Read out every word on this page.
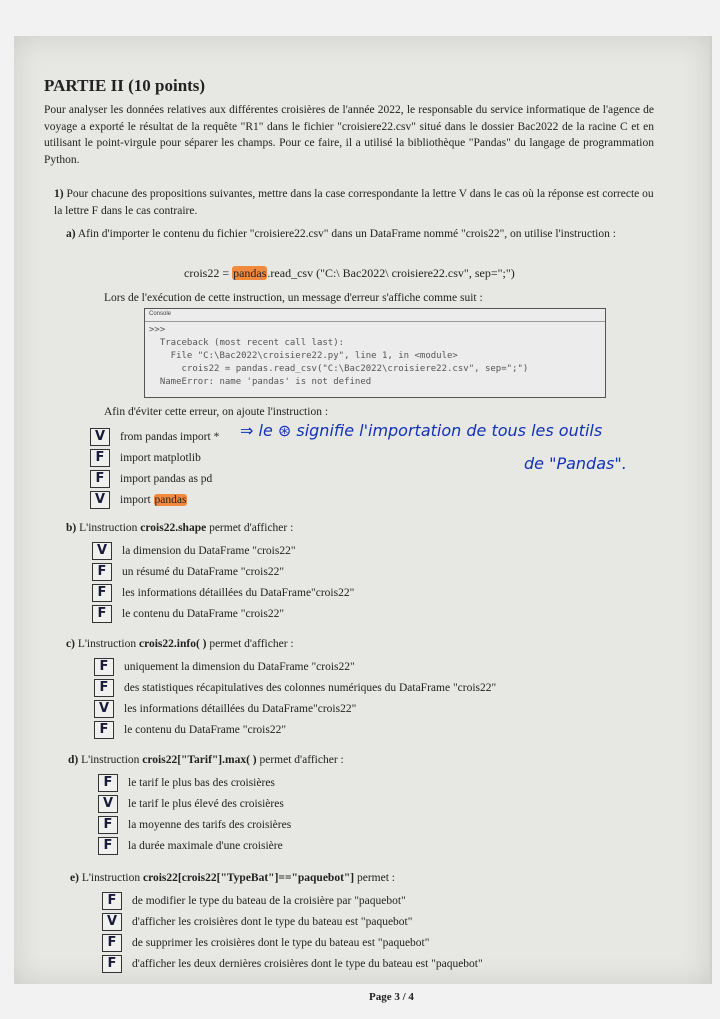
PARTIE II (10 points)
Pour analyser les données relatives aux différentes croisières de l'année 2022, le responsable du service informatique de l'agence de voyage a exporté le résultat de la requête "R1" dans le fichier "croisiere22.csv" situé dans le dossier Bac2022 de la racine C et en utilisant le point-virgule pour séparer les champs. Pour ce faire, il a utilisé la bibliothèque "Pandas" du langage de programmation Python.
1) Pour chacune des propositions suivantes, mettre dans la case correspondante la lettre V dans le cas où la réponse est correcte ou la lettre F dans le cas contraire.
a) Afin d'importer le contenu du fichier "croisiere22.csv" dans un DataFrame nommé "crois22", on utilise l'instruction :
crois22 = pandas.read_csv ("C:\ Bac2022\ croisiere22.csv", sep=";")
Lors de l'exécution de cette instruction, un message d'erreur s'affiche comme suit :
Console
>>>
Traceback (most recent call last):
File "C:\Bac2022\croisiere22.py", line 1, in <module>
crois22 = pandas.read_csv("C:\Bac2022\croisiere22.csv", sep=";")
NameError: name 'pandas' is not defined
Afin d'éviter cette erreur, on ajoute l'instruction :
V	from pandas import * ⇒ le ⊛ signifie l'importation de tous les outils
de "Pandas".
F	import matplotlib
F	import pandas as pd
V	import pandas
b) L'instruction crois22.shape permet d'afficher :
V	la dimension du DataFrame "crois22"
F	un résumé du DataFrame "crois22"
F	les informations détaillées du DataFrame"crois22"
F	le contenu du DataFrame "crois22"
c) L'instruction crois22.info( ) permet d'afficher :
F	uniquement la dimension du DataFrame "crois22"
F	des statistiques récapitulatives des colonnes numériques du DataFrame "crois22"
V	les informations détaillées du DataFrame"crois22"
F	le contenu du DataFrame "crois22"
d) L'instruction crois22["Tarif"].max( ) permet d'afficher :
F	le tarif le plus bas des croisières
V	le tarif le plus élevé des croisières
F	la moyenne des tarifs des croisières
F	la durée maximale d'une croisière
e) L'instruction crois22[crois22["TypeBat"]=="paquebot"] permet :
F	de modifier le type du bateau de la croisière par "paquebot"
V	d'afficher les croisières dont le type du bateau est "paquebot"
F	de supprimer les croisières dont le type du bateau est "paquebot"
F	d'afficher les deux dernières croisières dont le type du bateau est "paquebot"
Page 3 / 4
